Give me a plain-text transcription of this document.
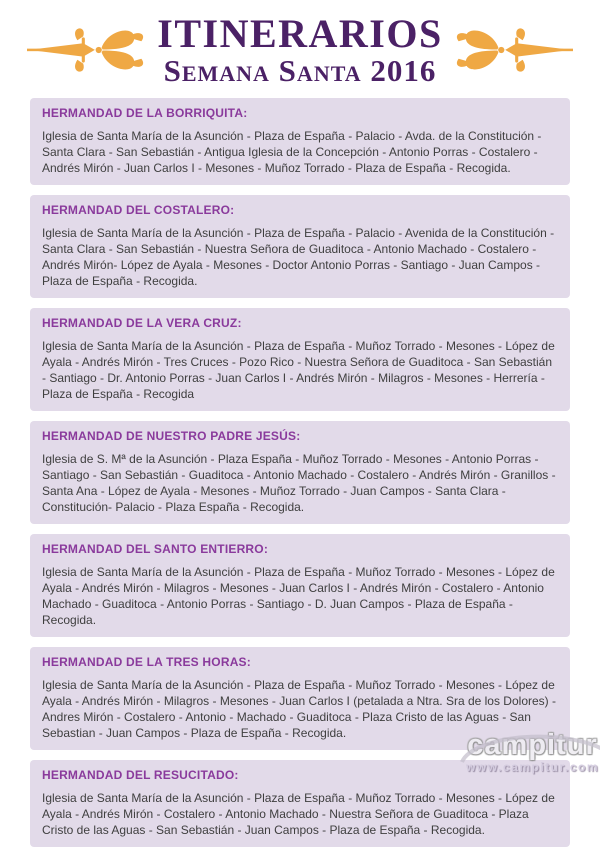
ITINERARIOS
Semana Santa 2016
HERMANDAD DE LA BORRIQUITA:

Iglesia de Santa María de la Asunción - Plaza de España - Palacio - Avda. de la Constitución - Santa Clara - San Sebastián - Antigua Iglesia de la Concepción - Antonio Porras - Costalero - Andrés Mirón - Juan Carlos I - Mesones - Muñoz Torrado - Plaza de España - Recogida.

HERMANDAD DEL COSTALERO:

Iglesia de Santa María de la Asunción - Plaza de España - Palacio - Avenida de la Constitución - Santa Clara - San Sebastián - Nuestra Señora de Guaditoca - Antonio Machado - Costalero - Andrés Mirón- López de Ayala - Mesones - Doctor Antonio Porras - Santiago - Juan Campos - Plaza de España - Recogida.

HERMANDAD DE LA VERA CRUZ:

Iglesia de Santa María de la Asunción - Plaza de España - Muñoz Torrado - Mesones - López de Ayala - Andrés Mirón - Tres Cruces - Pozo Rico - Nuestra Señora de Guaditoca - San Sebastián - Santiago - Dr. Antonio Porras - Juan Carlos I - Andrés Mirón - Milagros - Mesones - Herrería - Plaza de España - Recogida

HERMANDAD DE NUESTRO PADRE JESÚS:

Iglesia de S. Mª de la Asunción - Plaza España - Muñoz Torrado - Mesones - Antonio Porras - Santiago - San Sebastián - Guaditoca - Antonio Machado - Costalero - Andrés Mirón - Granillos - Santa Ana - López de Ayala - Mesones - Muñoz Torrado - Juan Campos - Santa Clara - Constitución- Palacio - Plaza España - Recogida.

HERMANDAD DEL SANTO ENTIERRO:

Iglesia de Santa María de la Asunción - Plaza de España - Muñoz Torrado - Mesones - López de Ayala - Andrés Mirón - Milagros - Mesones - Juan Carlos I - Andrés Mirón - Costalero - Antonio Machado - Guaditoca - Antonio Porras - Santiago - D. Juan Campos - Plaza de España - Recogida.

HERMANDAD DE LA TRES HORAS:

Iglesia de Santa María de la Asunción - Plaza de España - Muñoz Torrado - Mesones - López de Ayala - Andrés Mirón - Milagros - Mesones - Juan Carlos I (petalada a Ntra. Sra de los Dolores) - Andres Mirón - Costalero - Antonio - Machado - Guaditoca - Plaza Cristo de las Aguas - San Sebastian - Juan Campos - Plaza de España - Recogida.

HERMANDAD DEL RESUCITADO:

Iglesia de Santa María de la Asunción - Plaza de España - Muñoz Torrado - Mesones - López de Ayala - Andrés Mirón - Costalero - Antonio Machado - Nuestra Señora de Guaditoca - Plaza Cristo de las Aguas - San Sebastián - Juan Campos - Plaza de España - Recogida.

campitur
www.campitur.com
